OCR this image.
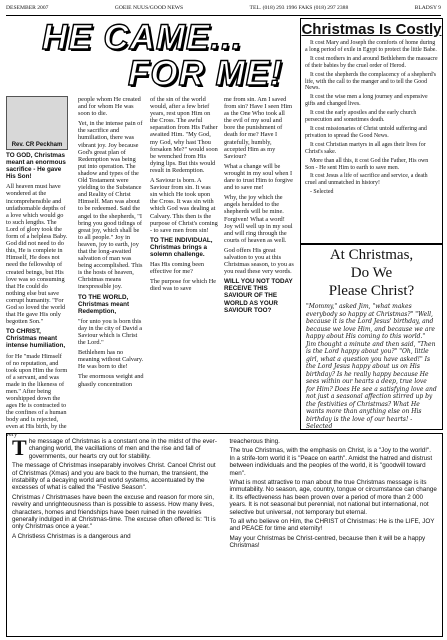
DESEMBER 2007	GOEIE NUUS/GOOD NEWS	TEL. (018) 293 1996 FAKS (018) 297 2388	BLADSY 9
HE CAME...
FOR ME!
Rev. CR Peckham

TO GOD, Christmas meant an enormous sacrifice - He gave His Son!

All heaven must have wondered at the incomprehensible and unfathomable depths of a love which would go to such lengths. The Lord of glory took the form of a helpless Baby. God did not need to do this, He is complete in Himself, He does not need the fellowship of created beings, but His love was so consuming that He could do nothing else but save corrupt humanity. "For God so loved the world that He gave His only begotten Son."

TO CHRIST, Christmas meant intense humiliation,

for He "made Himself of no reputation, and took upon Him the form of a servant, and was made in the likeness of men." After being worshipped down the ages He is contracted to the confines of a human body and is rejected, even at His birth, by the very

people whom He created and for whom He was soon to die.

Yet, in the intense pain of the sacrifice and humiliation, there was vibrant joy. Joy because God's great plan of Redemption was being put into operation. The shadow and types of the Old Testament were yielding to the Substance and Reality of Christ Himself. Man was about to be redeemed. Said the angel to the shepherds, "I bring you good tidings of great joy, which shall be to all people." Joy in heaven, joy to earth, joy that the long-awaited salvation of man was being accomplished. This is the hosts of heaven, Christmas means inexpressible joy.

TO THE WORLD, Christmas meant Redemption,

"for unto you is born this day in the city of David a Saviour which is Christ the Lord."

Bethlehem has no meaning without Calvary. He was born to die!

The enormous weight and ghastly concentration

of the sin of the world would, after a few brief years, rest upon Him on the Cross. The awful separation from His Father awaited Him. "My God, my God, why hast Thou forsaken Me?" would soon be wrenched from His dying lips. But this would result in Redemption.

A Saviour is born. A Saviour from sin. It was sin which He took upon the Cross. It was sin with which God was dealing at Calvary. This then is the purpose of Christ's coming - to save men from sin!

TO THE INDIVIDUAL, Christmas brings a solemn challenge.

Has His coming been effective for me?

The purpose for which He died was to save

me from sin. Am I saved from sin? Have I seen Him as the One Who took all the evil of my soul and bore the punishment of death for me? Have I gratefully, humbly, accepted Him as my Saviour?

What a change will be wrought in my soul when I dare to trust Him to forgive and to save me!

Why, the joy which the angels heralded to the shepherds will be mine. Forgiven! What a word! Joy will well up in my soul and will ring through the courts of heaven as well.

God offers His great salvation to you at this Christmas season, to you as you read these very words.

WILL YOU NOT TODAY RECEIVE THIS SAVIOUR OF THE WORLD AS YOUR SAVIOUR TOO?

Christmas Is Costly

It cost Mary and Joseph the comforts of home during a long period of exile in Egypt to protect the little Babe.

It cost mothers in and around Bethlehem the massacre of their babies by the cruel order of Herod.

It cost the shepherds the complacency of a shepherd's life, with the call to the manger and to tell the Good News.

It cost the wise men a long journey and expensive gifts and changed lives.

It cost the early apostles and the early church persecution and sometimes death.

It cost missionaries of Christ untold suffering and privation to spread the Good News.

It cost Christian martyrs in all ages their lives for Christ's sake.

More than all this, it cost God the Father, His own Son - He sent Him to earth to save men.

It cost Jesus a life of sacrifice and service, a death cruel and unmatched in history!

- Selected

At Christmas,
Do We
Please Christ?
"Mommy," asked Jim, "what makes everybody so happy at Christmas?" "Well, because it is the Lord Jesus' birthday, and because we love Him, and because we are happy about His coming to this world." Jim thought a minute and then said, "Then is the Lord happy about you?" "Oh, little girl, what a question you have asked!" Is the Lord Jesus happy about us on His birthday? Is he really happy because He sees within our hearts a deep, true love for Him? Does He see a satisfying love and not just a seasonal affection stirred up by the festivities of Christmas? What He wants more than anything else on His birthday is the love of our hearts! - Selected
T he message of Christmas is a constant one in the midst of the ever-changing world, the vacillations of men and the rise and fall of governments, our hearts cry out for stability.

The message of Christmas inseparably involves Christ. Cancel Christ out of Christmas (Xmas) and you are back to the human, the transient, the instability of a decaying world and world systems, accentuated by the excesses of what is called the "Festive Season".

Christmas / Christmases have been the excuse and reason for more sin, revelry and unrighteousness than is possible to assess. How many lives, characters, homes and friendships have been ruined in the revelries generally indulged in at Christmas-time. The excuse often offered is: "It is only Christmas once a year."

A Christless Christmas is a dangerous and

treacherous thing.

The true Christmas, with the emphasis on Christ, is a "Joy to the world!". In a strife-torn world it is "Peace on earth". Amidst the hatred and distrust between individuals and the peoples of the world, it is "goodwill toward men".

What is most attractive to man about the true Christmas message is its immutability. No season, age, country, tongue or circumstance can change it. Its effectiveness has been proven over a period of more than 2 000 years. It is not seasonal but perennial, not national but international, not selective but universal, not temporary but eternal.

To all who believe on Him, the CHRIST of Christmas: He is the LIFE, JOY and PEACE for time and eternity!

May your Christmas be Christ-centred, because then it will be a happy Christmas!
